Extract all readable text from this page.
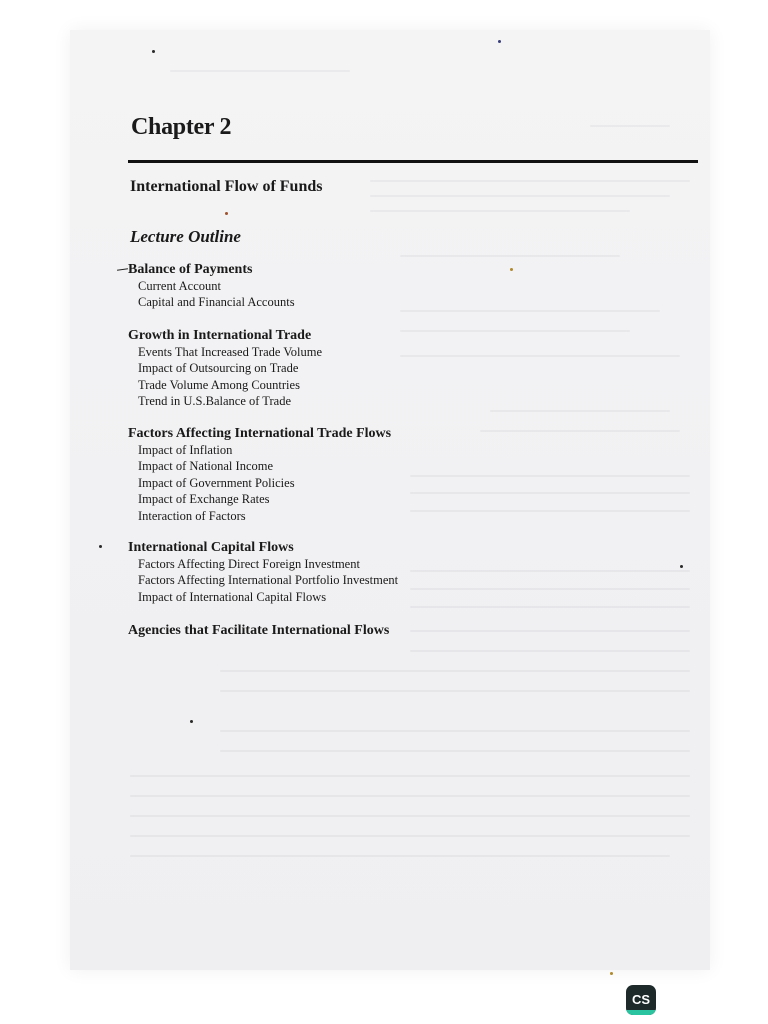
Chapter 2
International Flow of Funds
Lecture Outline

Balance of Payments

Current Account
Capital and Financial Accounts

Growth in International Trade

Events That Increased Trade Volume
Impact of Outsourcing on Trade
Trade Volume Among Countries
Trend in U.S.Balance of Trade

Factors Affecting International Trade Flows

Impact of Inflation
Impact of National Income
Impact of Government Policies
Impact of Exchange Rates
Interaction of Factors

International Capital Flows

Factors Affecting Direct Foreign Investment
Factors Affecting International Portfolio Investment
Impact of International Capital Flows

Agencies that Facilitate International Flows

CS
